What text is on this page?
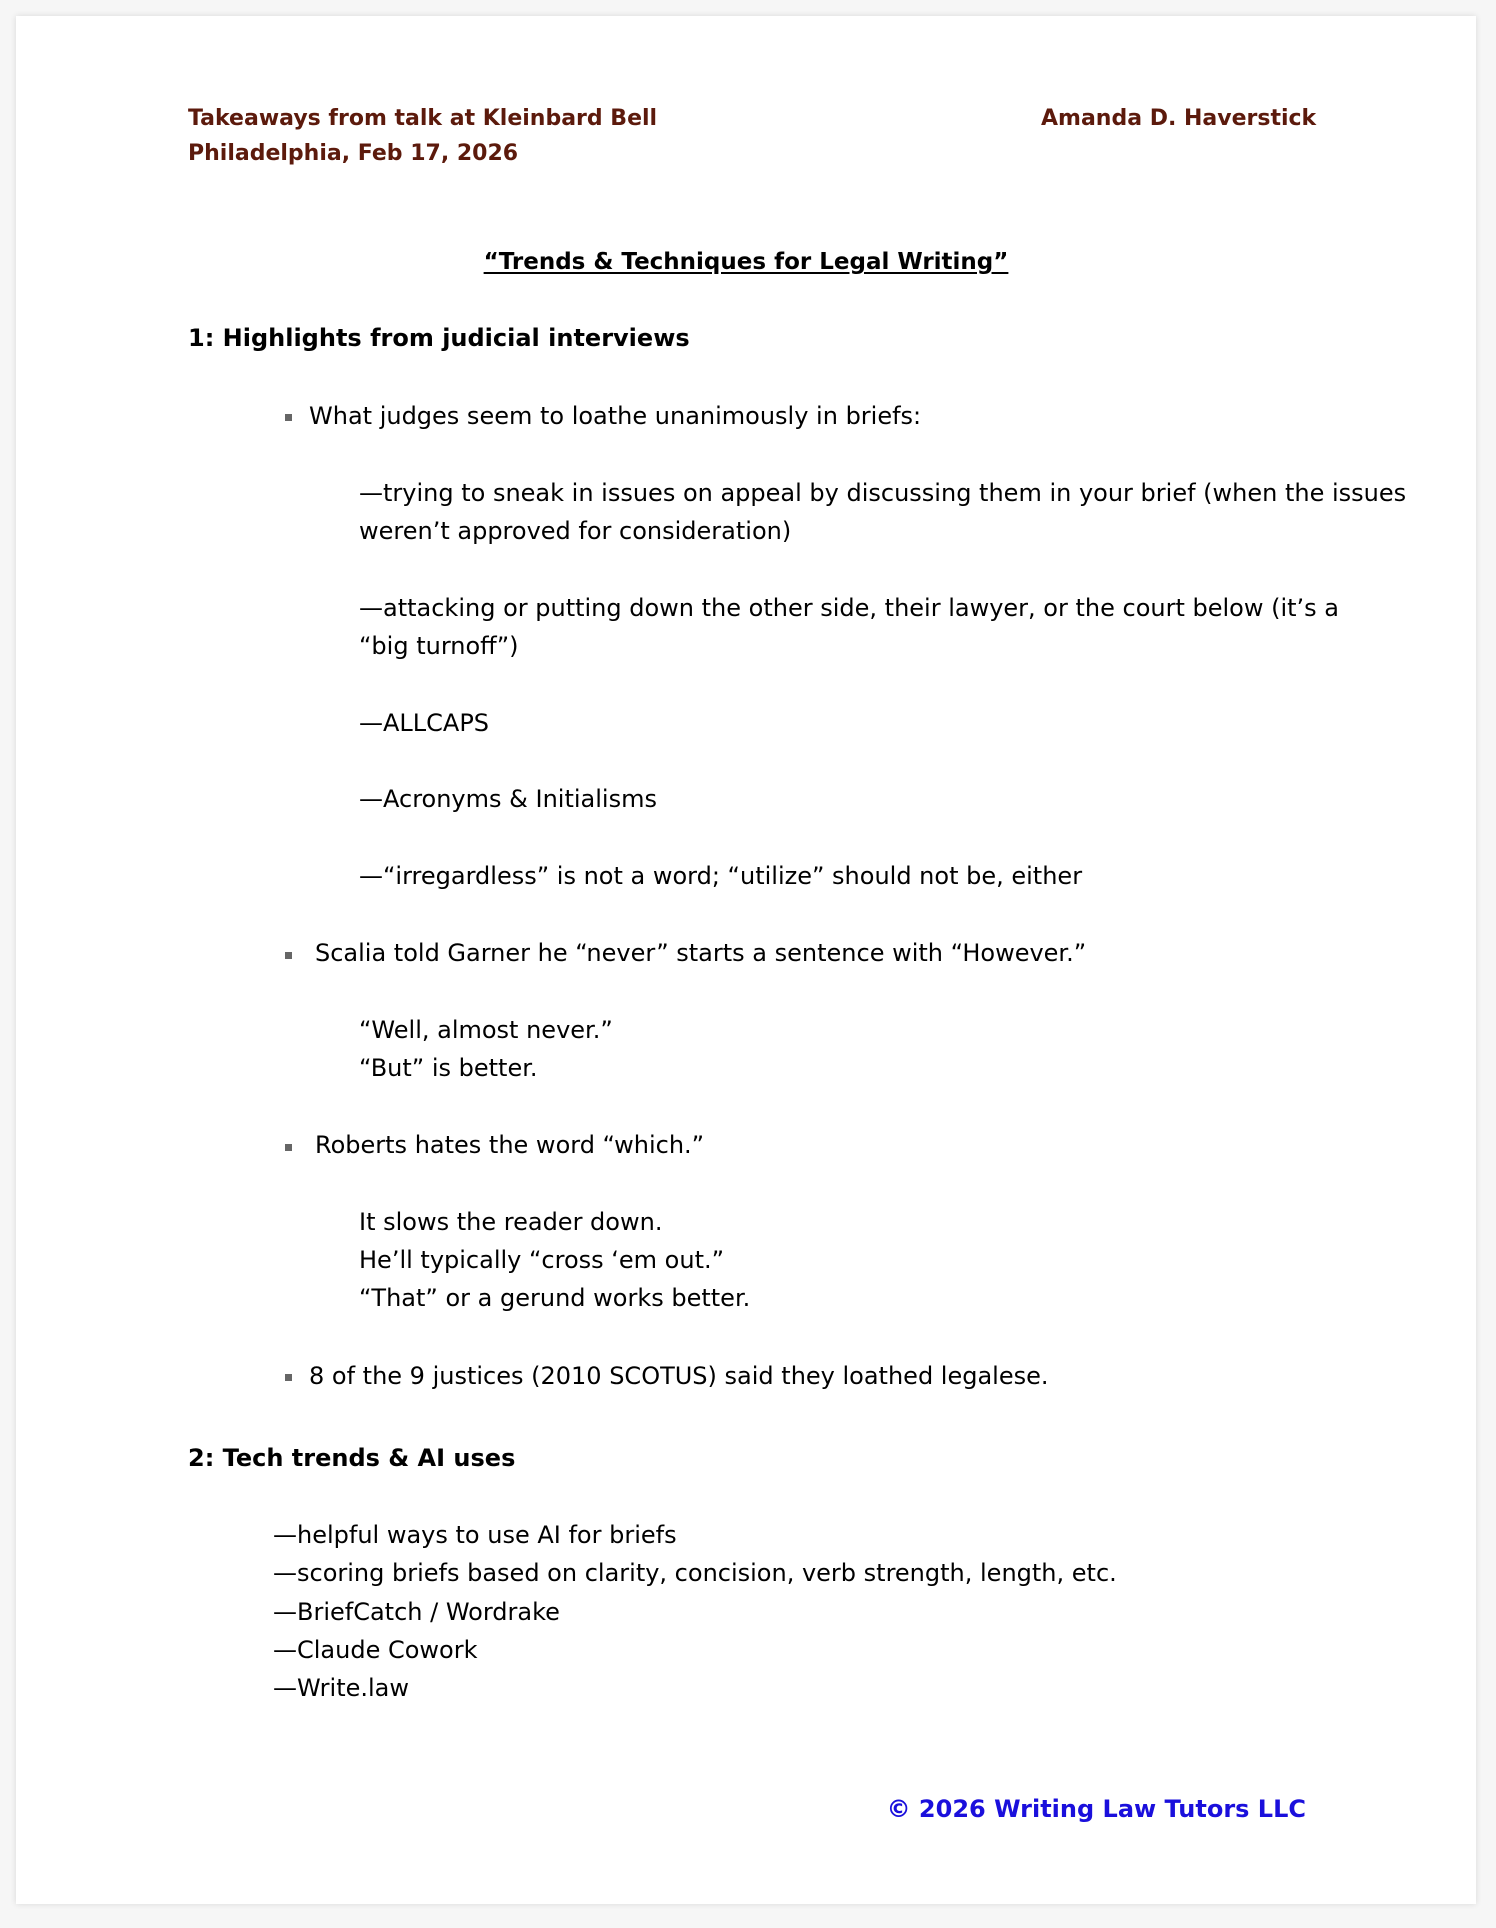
Takeaways from talk at Kleinbard Bell
Philadelphia, Feb 17, 2026
Amanda D. Haverstick
“Trends & Techniques for Legal Writing”
1: Highlights from judicial interviews
What judges seem to loathe unanimously in briefs:
—trying to sneak in issues on appeal by discussing them in your brief (when the issues
weren’t approved for consideration)
—attacking or putting down the other side, their lawyer, or the court below (it’s a
“big turnoff”)
—ALLCAPS
—Acronyms & Initialisms
—“irregardless” is not a word; “utilize” should not be, either
Scalia told Garner he “never” starts a sentence with “However.”
“Well, almost never.”
“But” is better.
Roberts hates the word “which.”
It slows the reader down.
He’ll typically “cross ‘em out.”
“That” or a gerund works better.
8 of the 9 justices (2010 SCOTUS) said they loathed legalese.
2: Tech trends & AI uses
—helpful ways to use AI for briefs
—scoring briefs based on clarity, concision, verb strength, length, etc.
—BriefCatch / Wordrake
—Claude Cowork
—Write.law
© 2026 Writing Law Tutors LLC
